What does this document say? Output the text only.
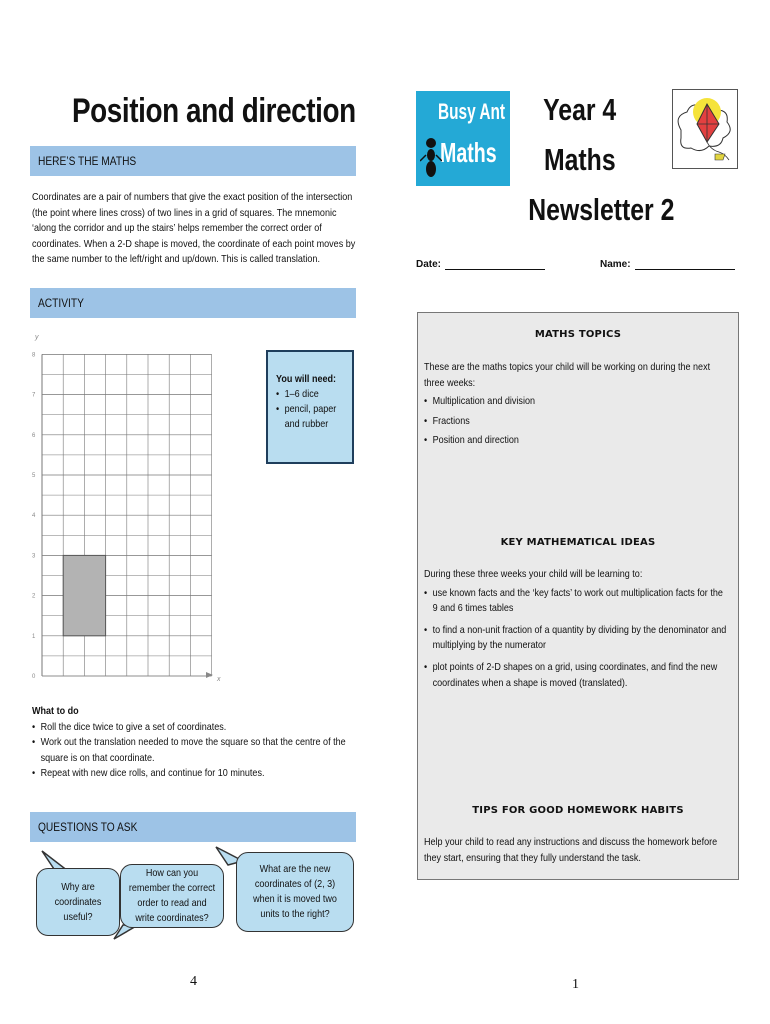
Position and direction
HERE’S THE MATHS

Coordinates are a pair of numbers that give the exact position of the intersection (the point where lines cross) of two lines in a grid of squares. The mnemonic ‘along the corridor and up the stairs’ helps remember the correct order of coordinates. When a 2-D shape is moved, the coordinate of each point moves by the same number to the left/right and up/down. This is called translation.

ACTIVITY
0
1
2
3
4
5
6
7
8
y
x
You will need:
• 1–6 dice
• pencil, paper and rubber
What to do
• Roll the dice twice to give a set of coordinates.
• Work out the translation needed to move the square so that the centre of the square is on that coordinate.
• Repeat with new dice rolls, and continue for 10 minutes.
QUESTIONS TO ASK
Why are coordinates useful?
How can you remember the correct order to read and write coordinates?
What are the new coordinates of (2, 3) when it is moved two units to the right?
4
Busy Ant
Maths
Year 4
Maths
Newsletter 2
Date:	Name:
MATHS TOPICS

These are the maths topics your child will be working on during the next three weeks:

• Multiplication and division
• Fractions
• Position and direction
KEY MATHEMATICAL IDEAS

During these three weeks your child will be learning to:

• use known facts and the ‘key facts’ to work out multiplication facts for the 9 and 6 times tables
• to find a non-unit fraction of a quantity by dividing by the denominator and multiplying by the numerator
• plot points of 2-D shapes on a grid, using coordinates, and find the new coordinates when a shape is moved (translated).
TIPS FOR GOOD HOMEWORK HABITS

Help your child to read any instructions and discuss the homework before they start, ensuring that they fully understand the task.

1
